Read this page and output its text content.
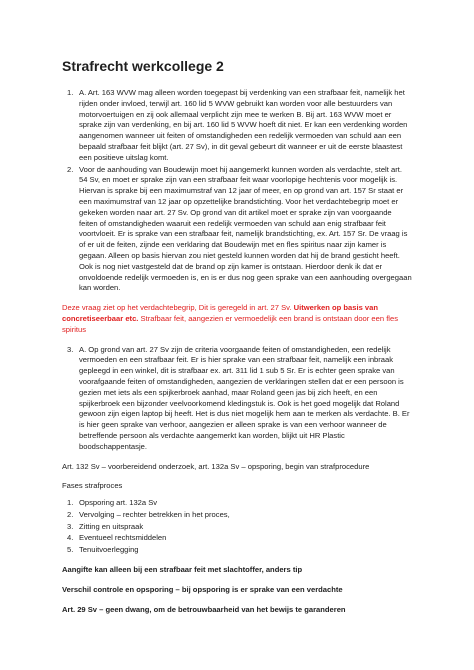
Strafrecht werkcollege 2
1. A. Art. 163 WVW mag alleen worden toegepast bij verdenking van een strafbaar feit, namelijk het rijden onder invloed, terwijl art. 160 lid 5 WVW gebruikt kan worden voor alle bestuurders van motorvoertuigen en zij ook allemaal verplicht zijn mee te werken B. Bij art. 163 WVW moet er sprake zijn van verdenking, en bij art. 160 lid 5 WVW hoeft dit niet. Er kan een verdenking worden aangenomen wanneer uit feiten of omstandigheden een redelijk vermoeden van schuld aan een bepaald strafbaar feit blijkt (art. 27 Sv), in dit geval gebeurt dit wanneer er uit de eerste blaastest een positieve uitslag komt.
2. Voor de aanhouding van Boudewijn moet hij aangemerkt kunnen worden als verdachte, stelt art. 54 Sv, en moet er sprake zijn van een strafbaar feit waar voorlopige hechtenis voor mogelijk is. Hiervan is sprake bij een maximumstraf van 12 jaar of meer, en op grond van art. 157 Sr staat er een maximumstraf van 12 jaar op opzettelijke brandstichting. Voor het verdachtebegrip moet er gekeken worden naar art. 27 Sv. Op grond van dit artikel moet er sprake zijn van voorgaande feiten of omstandigheden waaruit een redelijk vermoeden van schuld aan enig strafbaar feit voortvloeit. Er is sprake van een strafbaar feit, namelijk brandstichting, ex. Art. 157 Sr. De vraag is of er uit de feiten, zijnde een verklaring dat Boudewijn met en fles spiritus naar zijn kamer is gegaan. Alleen op basis hiervan zou niet gesteld kunnen worden dat hij de brand gesticht heeft. Ook is nog niet vastgesteld dat de brand op zijn kamer is ontstaan. Hierdoor denk ik dat er onvoldoende redelijk vermoeden is, en is er dus nog geen sprake van een aanhouding overgegaan kan worden.

Deze vraag ziet op het verdachtebegrip, Dit is geregeld in art. 27 Sv. Uitwerken op basis van concretiseerbaar etc. Strafbaar feit, aangezien er vermoedelijk een brand is ontstaan door een fles spiritus

3. A. Op grond van art. 27 Sv zijn de criteria voorgaande feiten of omstandigheden, een redelijk vermoeden en een strafbaar feit. Er is hier sprake van een strafbaar feit, namelijk een inbraak gepleegd in een winkel, dit is strafbaar ex. art. 311 lid 1 sub 5 Sr. Er is echter geen sprake van voorafgaande feiten of omstandigheden, aangezien de verklaringen stellen dat er een persoon is gezien met iets als een spijkerbroek aanhad, maar Roland geen jas bij zich heeft, en een spijkerbroek een bijzonder veelvoorkomend kledingstuk is. Ook is het goed mogelijk dat Roland gewoon zijn eigen laptop bij heeft. Het is dus niet mogelijk hem aan te merken als verdachte. B. Er is hier geen sprake van verhoor, aangezien er alleen sprake is van een verhoor wanneer de betreffende persoon als verdachte aangemerkt kan worden, blijkt uit HR Plastic boodschappentasje.

Art. 132 Sv – voorbereidend onderzoek, art. 132a Sv – opsporing, begin van strafprocedure

Fases strafproces

1. Opsporing art. 132a Sv
2. Vervolging – rechter betrekken in het proces,
3. Zitting en uitspraak
4. Eventueel rechtsmiddelen
5. Tenuitvoerlegging

Aangifte kan alleen bij een strafbaar feit met slachtoffer, anders tip

Verschil controle en opsporing – bij opsporing is er sprake van een verdachte

Art. 29 Sv – geen dwang, om de betrouwbaarheid van het bewijs te garanderen
